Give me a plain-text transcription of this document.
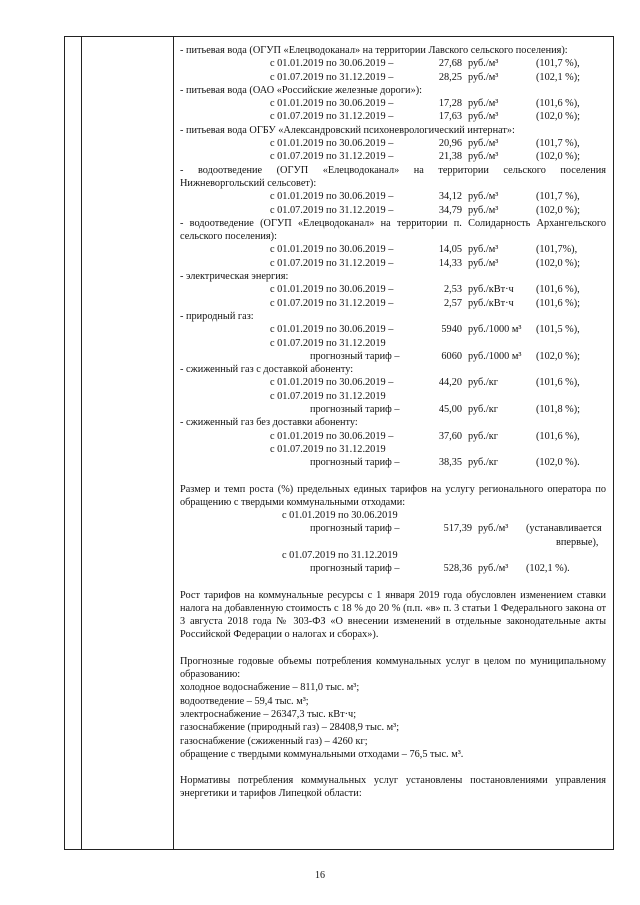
- питьевая вода (ОГУП «Елецводоканал» на территории Лавского сельского поселения):

с 01.01.2019 по 30.06.2019 –	27,68 руб./м³	(101,7 %),
с 01.07.2019 по 31.12.2019 –	28,25 руб./м³	(102,1 %);

- питьевая вода (ОАО «Российские железные дороги»):

с 01.01.2019 по 30.06.2019 –	17,28 руб./м³	(101,6 %),
с 01.07.2019 по 31.12.2019 –	17,63 руб./м³	(102,0 %);

- питьевая вода ОГБУ «Александровский психоневрологический интернат»:

с 01.01.2019 по 30.06.2019 –	20,96 руб./м³	(101,7 %),
с 01.07.2019 по 31.12.2019 –	21,38 руб./м³	(102,0 %);

- водоотведение (ОГУП «Елецводоканал» на территории сельского поселения Нижневоргольский сельсовет):

с 01.01.2019 по 30.06.2019 –	34,12 руб./м³	(101,7 %),
с 01.07.2019 по 31.12.2019 –	34,79 руб./м³	(102,0 %);

- водоотведение (ОГУП «Елецводоканал» на территории п. Солидарность Архангельского сельского поселения):

с 01.01.2019 по 30.06.2019 –	14,05 руб./м³	(101,7%),
с 01.07.2019 по 31.12.2019 –	14,33 руб./м³	(102,0 %);

- электрическая энергия:

с 01.01.2019 по 30.06.2019 –	2,53 руб./кВт·ч (101,6 %),
с 01.07.2019 по 31.12.2019 –	2,57 руб./кВт·ч (101,6 %);

- природный газ:

с 01.01.2019 по 30.06.2019 –	5940 руб./1000 м³ (101,5 %),
с 01.07.2019 по 31.12.2019
прогнозный тариф –	6060 руб./1000 м³ (102,0 %);

- сжиженный газ с доставкой абоненту:

с 01.01.2019 по 30.06.2019 –	44,20 руб./кг	(101,6 %),
с 01.07.2019 по 31.12.2019
прогнозный тариф –	45,00 руб./кг	(101,8 %);

- сжиженный газ без доставки абоненту:

с 01.01.2019 по 30.06.2019 –	37,60 руб./кг	(101,6 %),
с 01.07.2019 по 31.12.2019
прогнозный тариф –	38,35 руб./кг	(102,0 %).

Размер и темп роста (%) предельных единых тарифов на услугу регионального оператора по обращению с твердыми коммунальными отходами:

с 01.01.2019 по 30.06.2019
прогнозный тариф –	517,39 руб./м³ (устанавливается
впервые),
с 01.07.2019 по 31.12.2019
прогнозный тариф –	528,36 руб./м³ (102,1 %).

Рост тарифов на коммунальные ресурсы с 1 января 2019 года обусловлен изменением ставки налога на добавленную стоимость с 18 % до 20 % (п.п. «в» п. 3 статьи 1 Федерального закона от 3 августа 2018 года № 303-ФЗ «О внесении изменений в отдельные законодательные акты Российской Федерации о налогах и сборах»).

Прогнозные годовые объемы потребления коммунальных услуг в целом по муниципальному образованию:

холодное водоснабжение – 811,0 тыс. м³;

водоотведение – 59,4 тыс. м³;

электроснабжение – 26347,3 тыс. кВт·ч;

газоснабжение (природный газ) – 28408,9 тыс. м³;

газоснабжение (сжиженный газ) – 4260 кг;

обращение с твердыми коммунальными отходами – 76,5 тыс. м³.

Нормативы потребления коммунальных услуг установлены постановлениями управления энергетики и тарифов Липецкой области:

16
